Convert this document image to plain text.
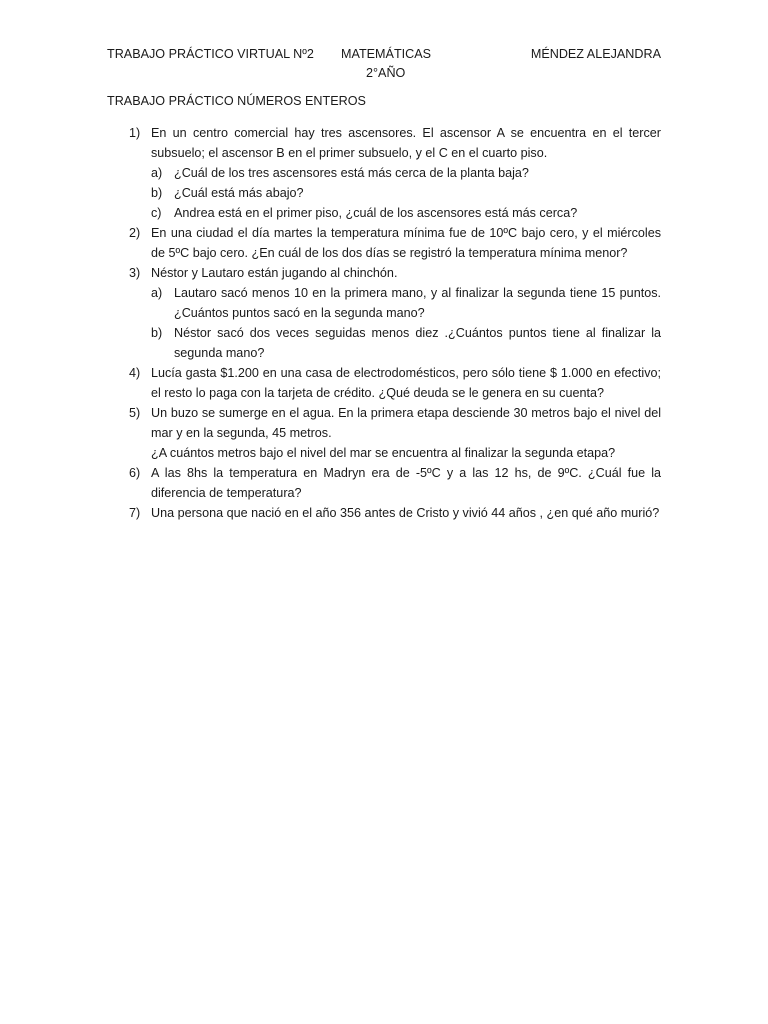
TRABAJO PRÁCTICO VIRTUAL Nº2 MATEMÁTICAS	MÉNDEZ ALEJANDRA
2°AÑO
TRABAJO PRÁCTICO NÚMEROS ENTEROS
1) En un centro comercial hay tres ascensores. El ascensor A se encuentra en el tercer subsuelo; el ascensor B en el primer subsuelo, y el C en el cuarto piso.
a) ¿Cuál de los tres ascensores está más cerca de la planta baja?
b) ¿Cuál está más abajo?
c) Andrea está en el primer piso, ¿cuál de los ascensores está más cerca?
2) En una ciudad el día martes la temperatura mínima fue de 10ºC bajo cero, y el miércoles de 5ºC bajo cero. ¿En cuál de los dos días se registró la temperatura mínima menor?
3) Néstor y Lautaro están jugando al chinchón.
a) Lautaro sacó menos 10 en la primera mano, y al finalizar la segunda tiene 15 puntos. ¿Cuántos puntos sacó en la segunda mano?
b) Néstor sacó dos veces seguidas menos diez .¿Cuántos puntos tiene al finalizar la segunda mano?
4) Lucía gasta $1.200 en una casa de electrodomésticos, pero sólo tiene $ 1.000 en efectivo; el resto lo paga con la tarjeta de crédito. ¿Qué deuda se le genera en su cuenta?
5) Un buzo se sumerge en el agua. En la primera etapa desciende 30 metros bajo el nivel del mar y en la segunda, 45 metros.
¿A cuántos metros bajo el nivel del mar se encuentra al finalizar la segunda etapa?
6) A las 8hs la temperatura en Madryn era de -5ºC y a las 12 hs, de 9ºC. ¿Cuál fue la diferencia de temperatura?
7) Una persona que nació en el año 356 antes de Cristo y vivió 44 años , ¿en qué año murió?
